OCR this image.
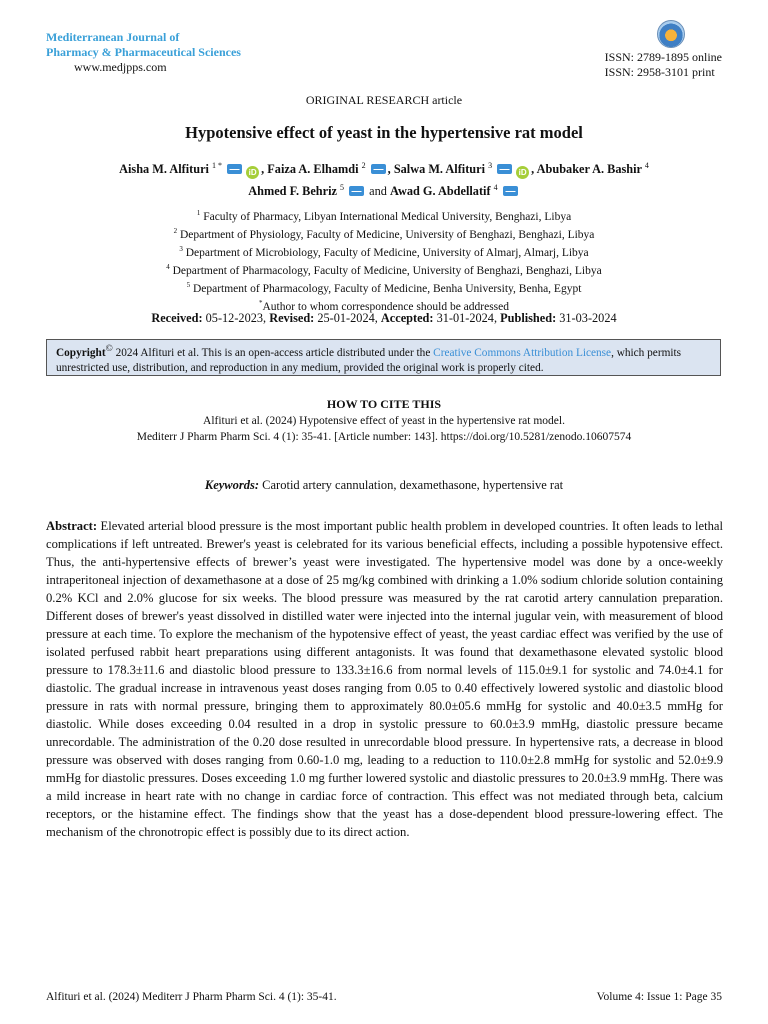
Mediterranean Journal of
Pharmacy & Pharmaceutical Sciences
www.medjpps.com
ISSN: 2789-1895 online
ISSN: 2958-3101 print
ORIGINAL RESEARCH article
Hypotensive effect of yeast in the hypertensive rat model
Aisha M. Alfituri $^{1 *}$ iD , Faiza A. Elhamdi $^2$ , Salwa M. Alfituri $^3$ iD , Abubaker A. Bashir $^4$
Ahmed F. Behriz $^5$  and Awad G. Abdellatif $^4$
$^1$ Faculty of Pharmacy, Libyan International Medical University, Benghazi, Libya
$^2$ Department of Physiology, Faculty of Medicine, University of Benghazi, Benghazi, Libya
$^3$ Department of Microbiology, Faculty of Medicine, University of Almarj, Almarj, Libya
$^4$ Department of Pharmacology, Faculty of Medicine, University of Benghazi, Benghazi, Libya
$^5$ Department of Pharmacology, Faculty of Medicine, Benha University, Benha, Egypt
*Author to whom correspondence should be addressed
Received: 05-12-2023, Revised: 25-01-2024, Accepted: 31-01-2024, Published: 31-03-2024
Copyright© 2024 Alfituri et al. This is an open-access article distributed under the Creative Commons Attribution License, which permits unrestricted use, distribution, and reproduction in any medium, provided the original work is properly cited.
HOW TO CITE THIS
Alfituri et al. (2024) Hypotensive effect of yeast in the hypertensive rat model.
Mediterr J Pharm Pharm Sci. 4 (1): 35-41. [Article number: 143]. https://doi.org/10.5281/zenodo.10607574
Keywords: Carotid artery cannulation, dexamethasone, hypertensive rat
Abstract: Elevated arterial blood pressure is the most important public health problem in developed countries. It often leads to lethal complications if left untreated. Brewer's yeast is celebrated for its various beneficial effects, including a possible hypotensive effect. Thus, the anti-hypertensive effects of brewer’s yeast were investigated. The hypertensive model was done by a once-weekly intraperitoneal injection of dexamethasone at a dose of 25 mg/kg combined with drinking a 1.0% sodium chloride solution containing 0.2% KCl and 2.0% glucose for six weeks. The blood pressure was measured by the rat carotid artery cannulation preparation. Different doses of brewer's yeast dissolved in distilled water were injected into the internal jugular vein, with measurement of blood pressure at each time. To explore the mechanism of the hypotensive effect of yeast, the yeast cardiac effect was verified by the use of isolated perfused rabbit heart preparations using different antagonists. It was found that dexamethasone elevated systolic blood pressure to 178.3±11.6 and diastolic blood pressure to 133.3±16.6 from normal levels of 115.0±9.1 for systolic and 74.0±4.1 for diastolic. The gradual increase in intravenous yeast doses ranging from 0.05 to 0.40 effectively lowered systolic and diastolic blood pressure in rats with normal pressure, bringing them to approximately 80.0±05.6 mmHg for systolic and 40.0±3.5 mmHg for diastolic. While doses exceeding 0.04 resulted in a drop in systolic pressure to 60.0±3.9 mmHg, diastolic pressure became unrecordable. The administration of the 0.20 dose resulted in unrecordable blood pressure. In hypertensive rats, a decrease in blood pressure was observed with doses ranging from 0.60-1.0 mg, leading to a reduction to 110.0±2.8 mmHg for systolic and 52.0±9.9 mmHg for diastolic pressures. Doses exceeding 1.0 mg further lowered systolic and diastolic pressures to 20.0±3.9 mmHg. There was a mild increase in heart rate with no change in cardiac force of contraction. This effect was not mediated through beta, calcium receptors, or the histamine effect. The findings show that the yeast has a dose-dependent blood pressure-lowering effect. The mechanism of the chronotropic effect is possibly due to its direct action.
Alfituri et al. (2024) Mediterr J Pharm Pharm Sci. 4 (1): 35-41.	Volume 4: Issue 1: Page 35
